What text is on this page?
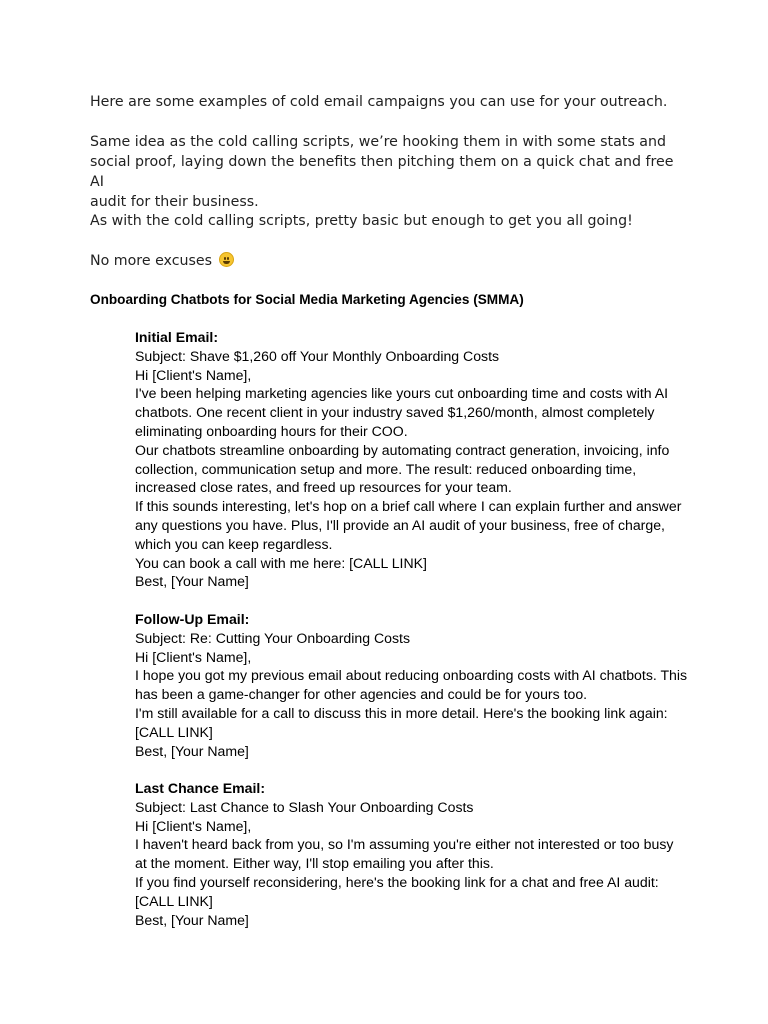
Here are some examples of cold email campaigns you can use for your outreach.

Same idea as the cold calling scripts, we’re hooking them in with some stats and
social proof, laying down the benefits then pitching them on a quick chat and free AI
audit for their business.

As with the cold calling scripts, pretty basic but enough to get you all going!

No more excuses

Onboarding Chatbots for Social Media Marketing Agencies (SMMA)

Initial Email:
Subject: Shave $1,260 off Your Monthly Onboarding Costs
Hi [Client's Name],
I've been helping marketing agencies like yours cut onboarding time and costs with AI
chatbots. One recent client in your industry saved $1,260/month, almost completely
eliminating onboarding hours for their COO.
Our chatbots streamline onboarding by automating contract generation, invoicing, info
collection, communication setup and more. The result: reduced onboarding time,
increased close rates, and freed up resources for your team.
If this sounds interesting, let's hop on a brief call where I can explain further and answer
any questions you have. Plus, I'll provide an AI audit of your business, free of charge,
which you can keep regardless.
You can book a call with me here: [CALL LINK]
Best, [Your Name]
Follow-Up Email:
Subject: Re: Cutting Your Onboarding Costs
Hi [Client's Name],
I hope you got my previous email about reducing onboarding costs with AI chatbots. This
has been a game-changer for other agencies and could be for yours too.
I'm still available for a call to discuss this in more detail. Here's the booking link again:
[CALL LINK]
Best, [Your Name]
Last Chance Email:
Subject: Last Chance to Slash Your Onboarding Costs
Hi [Client's Name],
I haven't heard back from you, so I'm assuming you're either not interested or too busy
at the moment. Either way, I'll stop emailing you after this.
If you find yourself reconsidering, here's the booking link for a chat and free AI audit:
[CALL LINK]
Best, [Your Name]
